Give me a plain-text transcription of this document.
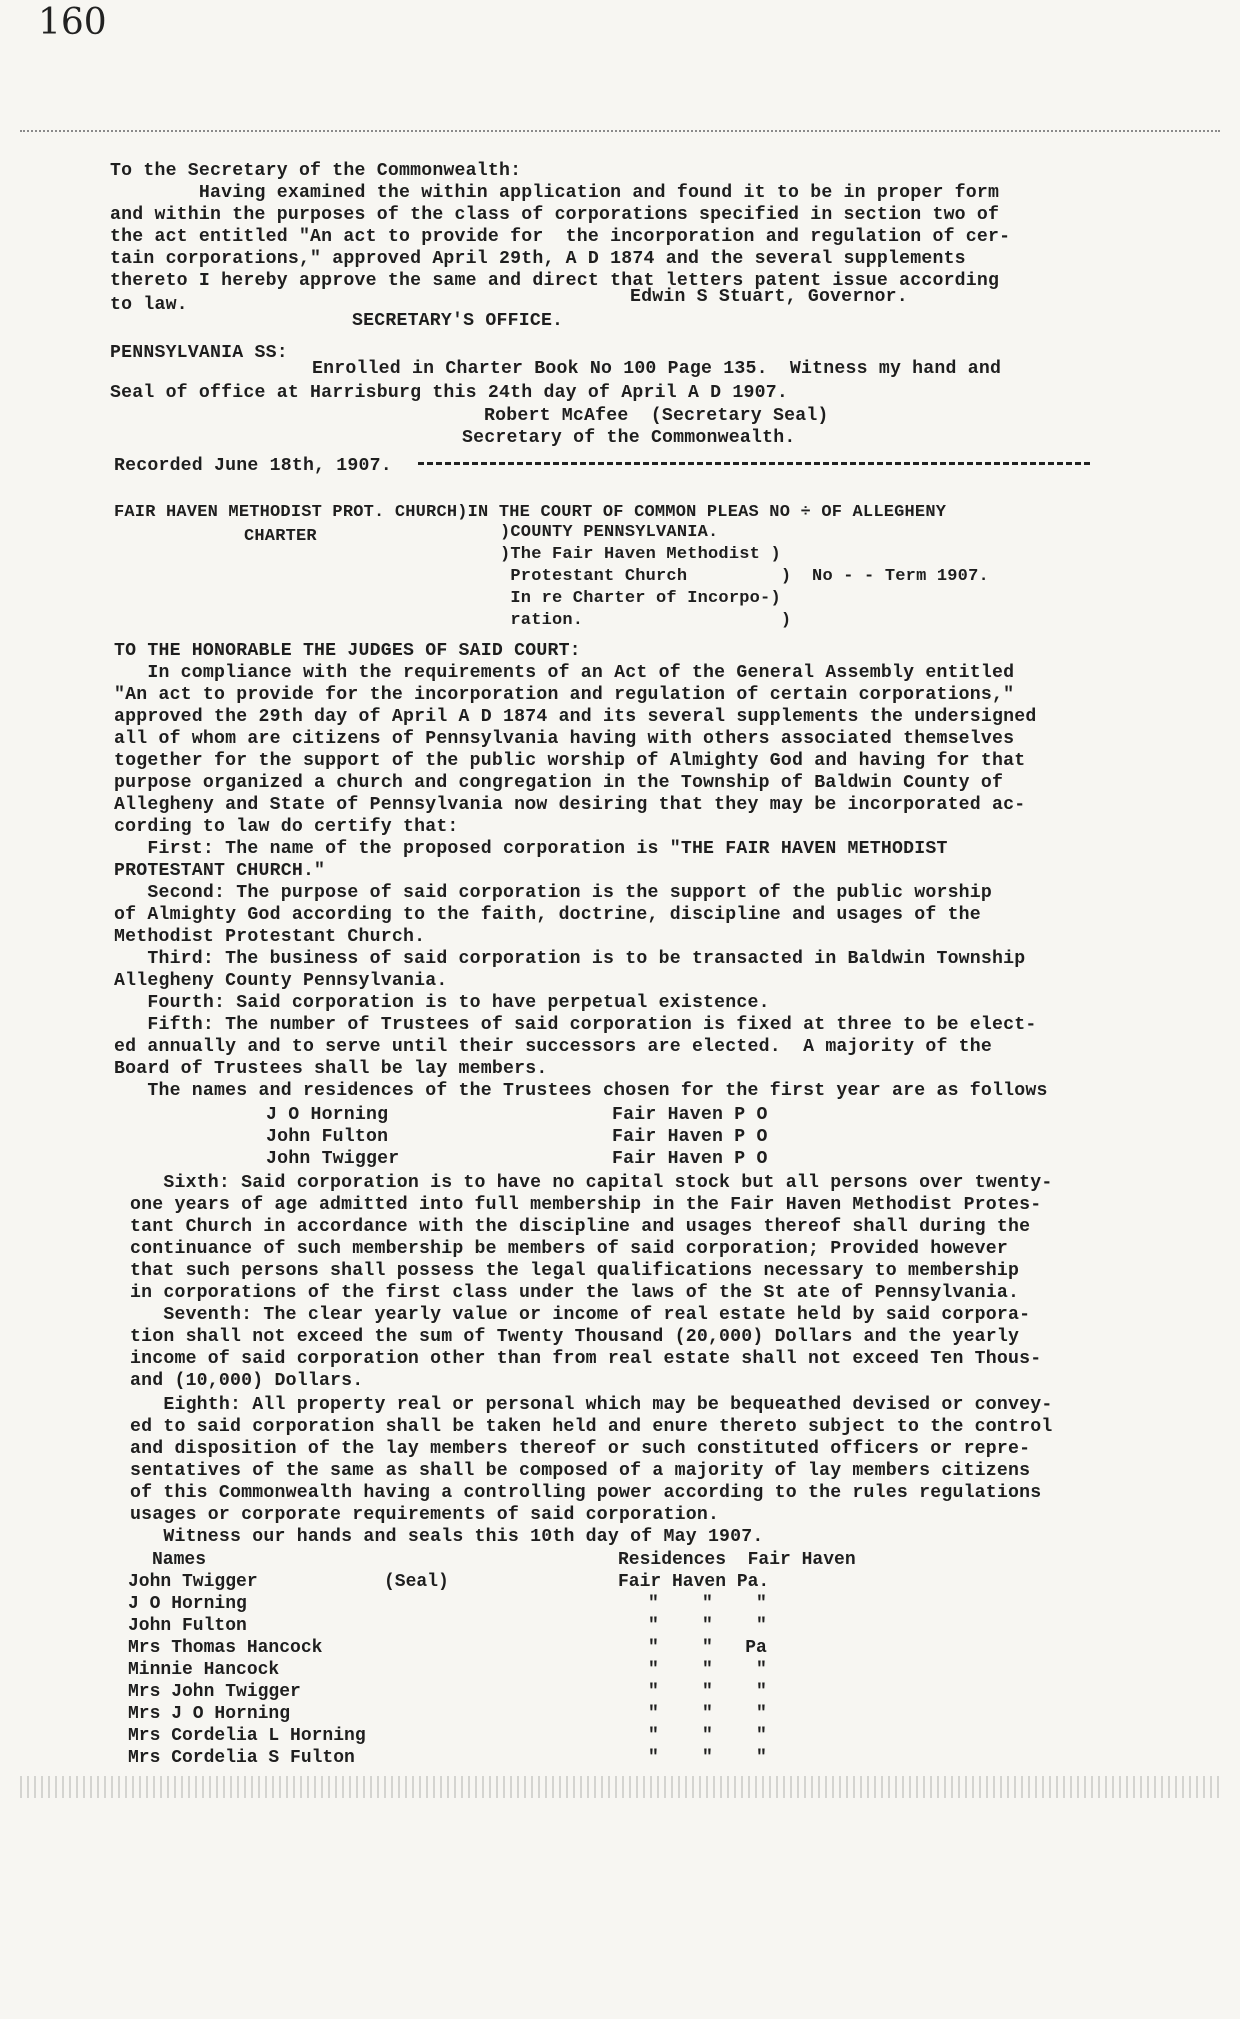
160
To the Secretary of the Commonwealth:
Having examined the within application and found it to be in proper form
and within the purposes of the class of corporations specified in section two of
the act entitled "An act to provide for  the incorporation and regulation of cer-
tain corporations," approved April 29th, A D 1874 and the several supplements
thereto I hereby approve the same and direct that letters patent issue according
to law.	Edwin S Stuart, Governor.
SECRETARY'S OFFICE.
PENNSYLVANIA SS:
Enrolled in Charter Book No 100 Page 135.  Witness my hand and
Seal of office at Harrisburg this 24th day of April A D 1907.
Robert McAfee  (Secretary Seal)
Secretary of the Commonwealth.
Recorded June 18th, 1907.
FAIR HAVEN METHODIST PROT. CHURCH)IN THE COURT OF COMMON PLEAS NO ÷ OF ALLEGHENY
CHARTER	)COUNTY PENNSYLVANIA.
)The Fair Haven Methodist )
Protestant Church         )  No - - Term 1907.
In re Charter of Incorpo-)
ration.                   )
TO THE HONORABLE THE JUDGES OF SAID COURT:
In compliance with the requirements of an Act of the General Assembly entitled
"An act to provide for the incorporation and regulation of certain corporations,"
approved the 29th day of April A D 1874 and its several supplements the undersigned
all of whom are citizens of Pennsylvania having with others associated themselves
together for the support of the public worship of Almighty God and having for that
purpose organized a church and congregation in the Township of Baldwin County of
Allegheny and State of Pennsylvania now desiring that they may be incorporated ac-
cording to law do certify that:
First: The name of the proposed corporation is "THE FAIR HAVEN METHODIST
PROTESTANT CHURCH."
Second: The purpose of said corporation is the support of the public worship
of Almighty God according to the faith, doctrine, discipline and usages of the
Methodist Protestant Church.
Third: The business of said corporation is to be transacted in Baldwin Township
Allegheny County Pennsylvania.
Fourth: Said corporation is to have perpetual existence.
Fifth: The number of Trustees of said corporation is fixed at three to be elect-
ed annually and to serve until their successors are elected.  A majority of the
Board of Trustees shall be lay members.
The names and residences of the Trustees chosen for the first year are as follows
J O Horning	Fair Haven P O
John Fulton	Fair Haven P O
John Twigger	Fair Haven P O
Sixth: Said corporation is to have no capital stock but all persons over twenty-
one years of age admitted into full membership in the Fair Haven Methodist Protes-
tant Church in accordance with the discipline and usages thereof shall during the
continuance of such membership be members of said corporation; Provided however
that such persons shall possess the legal qualifications necessary to membership
in corporations of the first class under the laws of the St ate of Pennsylvania.
Seventh: The clear yearly value or income of real estate held by said corpora-
tion shall not exceed the sum of Twenty Thousand (20,000) Dollars and the yearly
income of said corporation other than from real estate shall not exceed Ten Thous-
and (10,000) Dollars.
Eighth: All property real or personal which may be bequeathed devised or convey-
ed to said corporation shall be taken held and enure thereto subject to the control
and disposition of the lay members thereof or such constituted officers or repre-
sentatives of the same as shall be composed of a majority of lay members citizens
of this Commonwealth having a controlling power according to the rules regulations
usages or corporate requirements of said corporation.
Witness our hands and seals this 10th day of May 1907.
Names	Residences  Fair Haven
John Twigger	(Seal)	Fair Haven Pa.
J O Horning	"    "    "
John Fulton	"    "    "
Mrs Thomas Hancock	"    "   Pa
Minnie Hancock	"    "    "
Mrs John Twigger	"    "    "
Mrs J O Horning	"    "    "
Mrs Cordelia L Horning	"    "    "
Mrs Cordelia S Fulton	"    "    "
